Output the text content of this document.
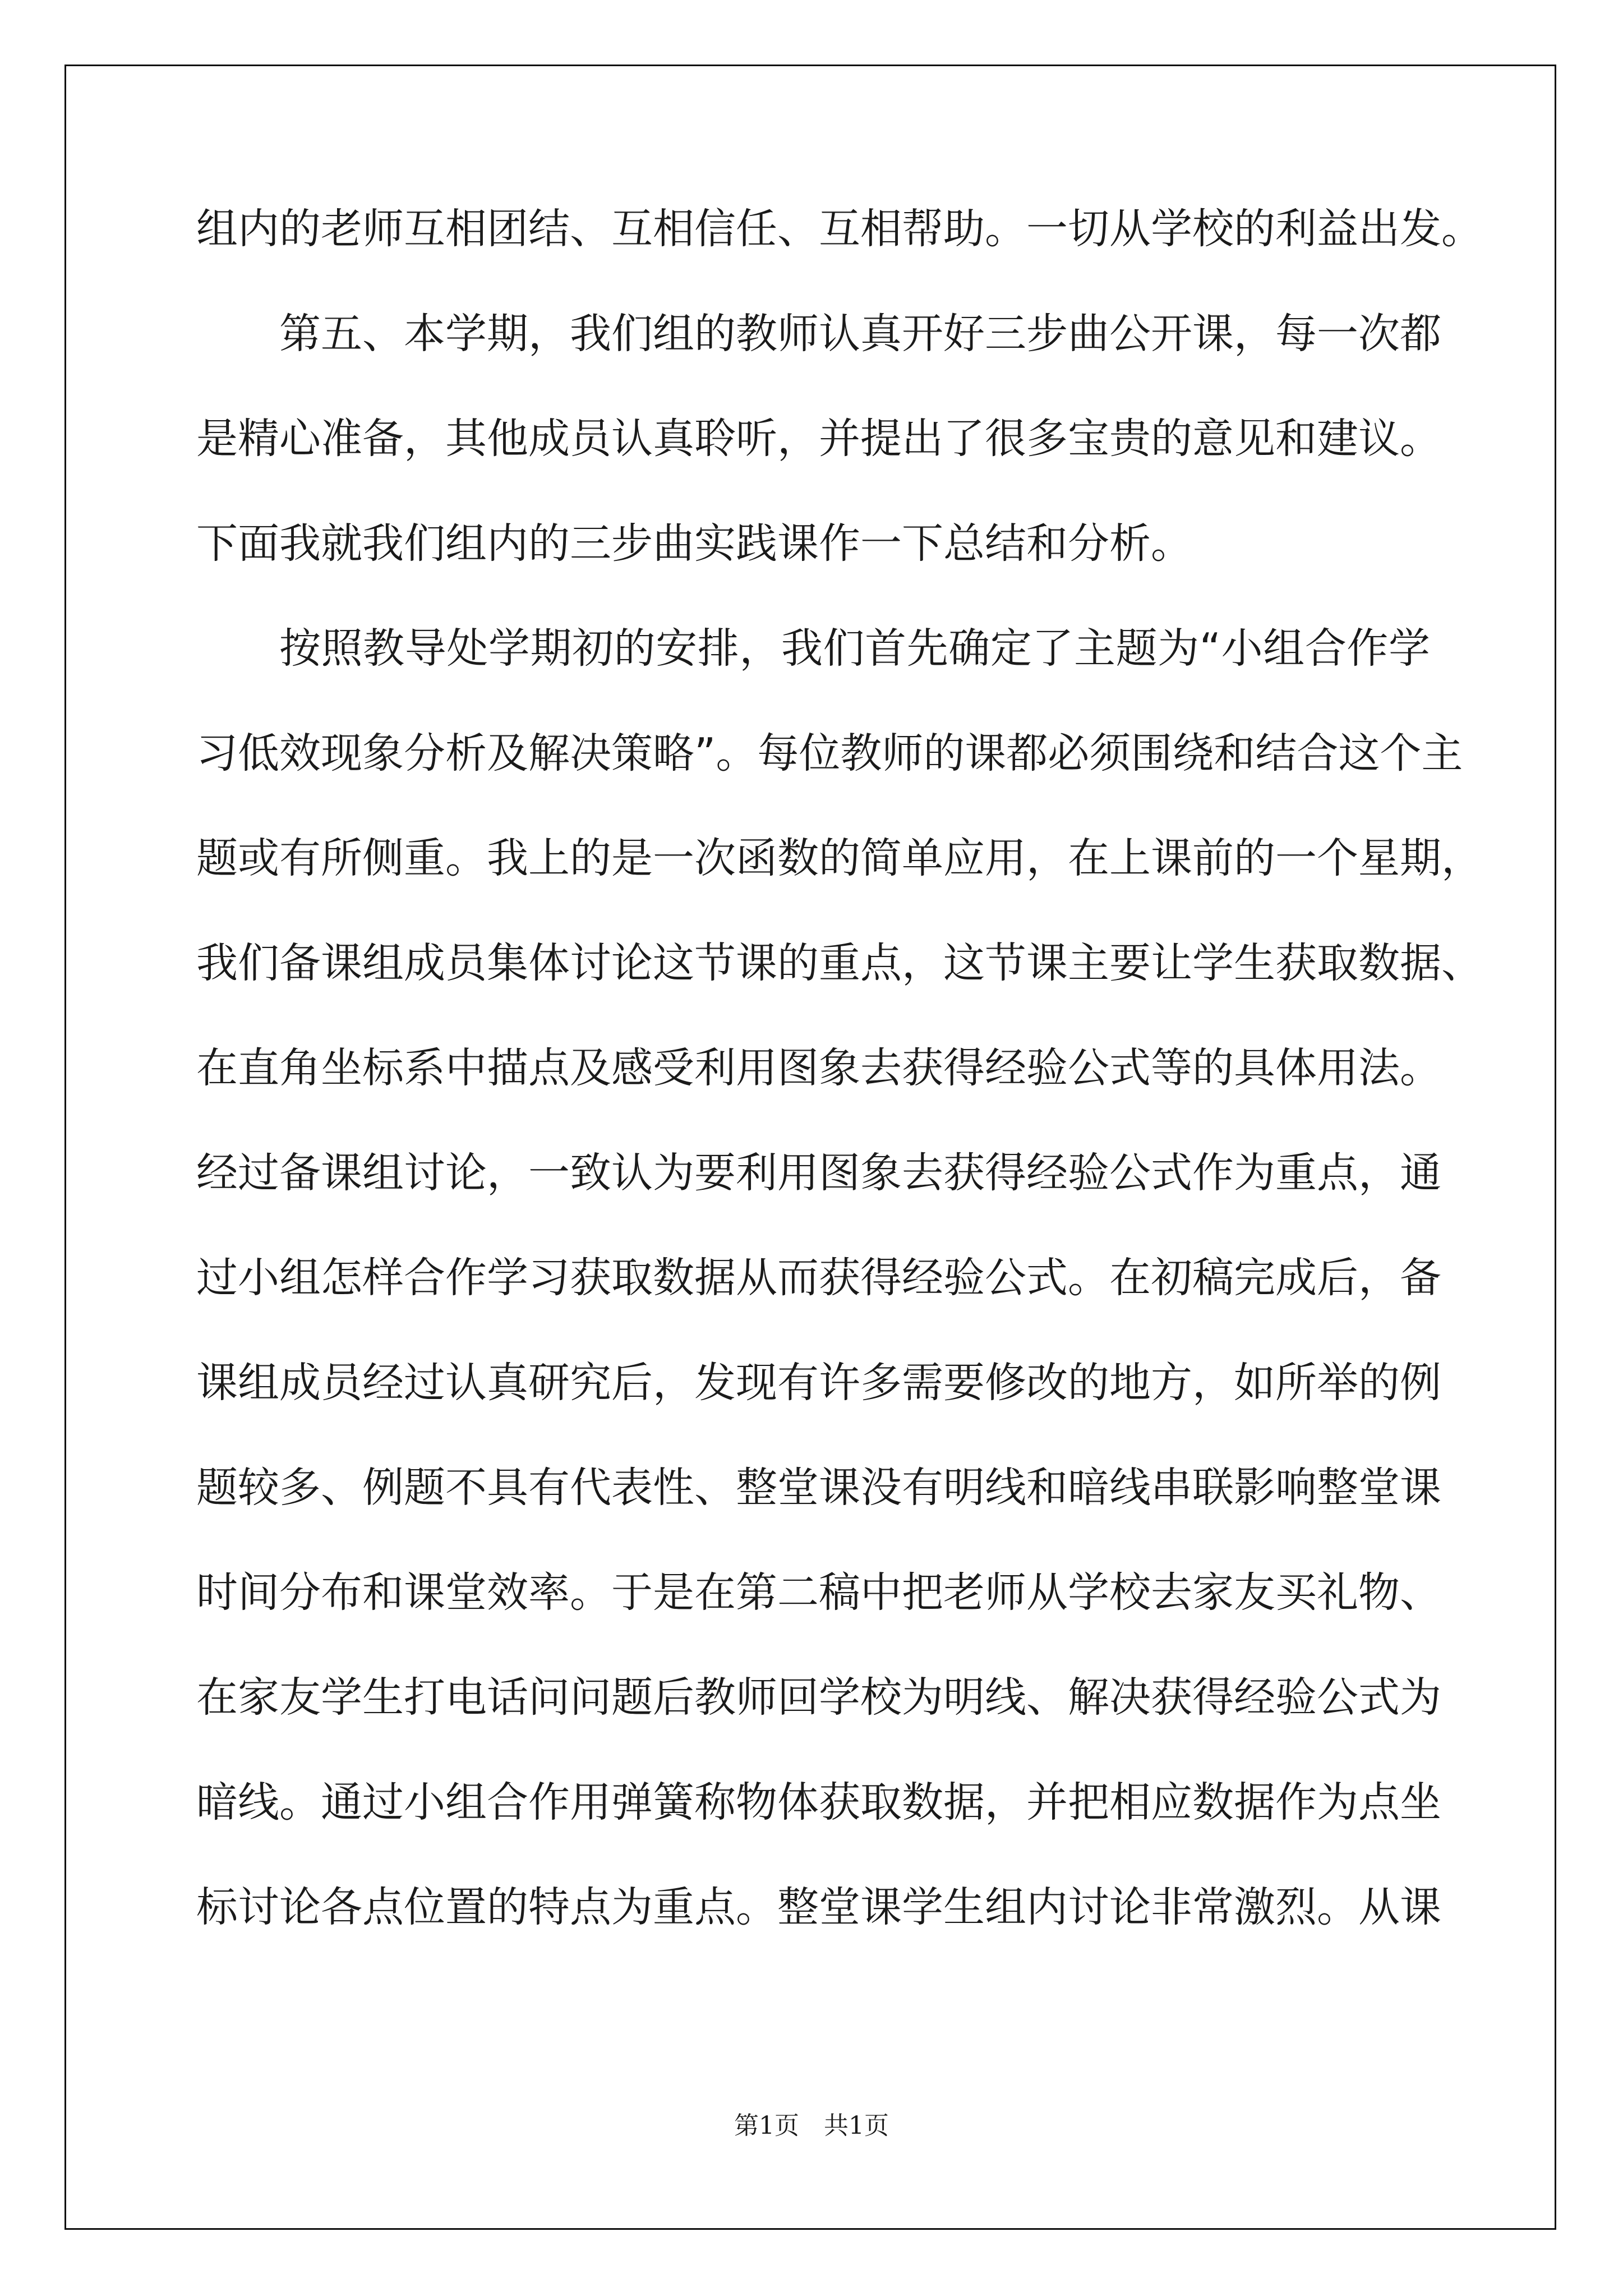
组内的老师互相团结、互相信任、互相帮助。一切从学校的利益出发。
第五、本学期，我们组的教师认真开好三步曲公开课，每一次都
是精心准备，其他成员认真聆听，并提出了很多宝贵的意见和建议。
下面我就我们组内的三步曲实践课作一下总结和分析。
按照教导处学期初的安排，我们首先确定了主题为“小组合作学
习低效现象分析及解决策略”。每位教师的课都必须围绕和结合这个主
题或有所侧重。我上的是一次函数的简单应用，在上课前的一个星期，
我们备课组成员集体讨论这节课的重点，这节课主要让学生获取数据、
在直角坐标系中描点及感受利用图象去获得经验公式等的具体用法。
经过备课组讨论，一致认为要利用图象去获得经验公式作为重点，通
过小组怎样合作学习获取数据从而获得经验公式。在初稿完成后，备
课组成员经过认真研究后，发现有许多需要修改的地方，如所举的例
题较多、例题不具有代表性、整堂课没有明线和暗线串联影响整堂课
时间分布和课堂效率。于是在第二稿中把老师从学校去家友买礼物、
在家友学生打电话问问题后教师回学校为明线、解决获得经验公式为
暗线。通过小组合作用弹簧称物体获取数据，并把相应数据作为点坐
标讨论各点位置的特点为重点。整堂课学生组内讨论非常激烈。从课
第1页　共1页
